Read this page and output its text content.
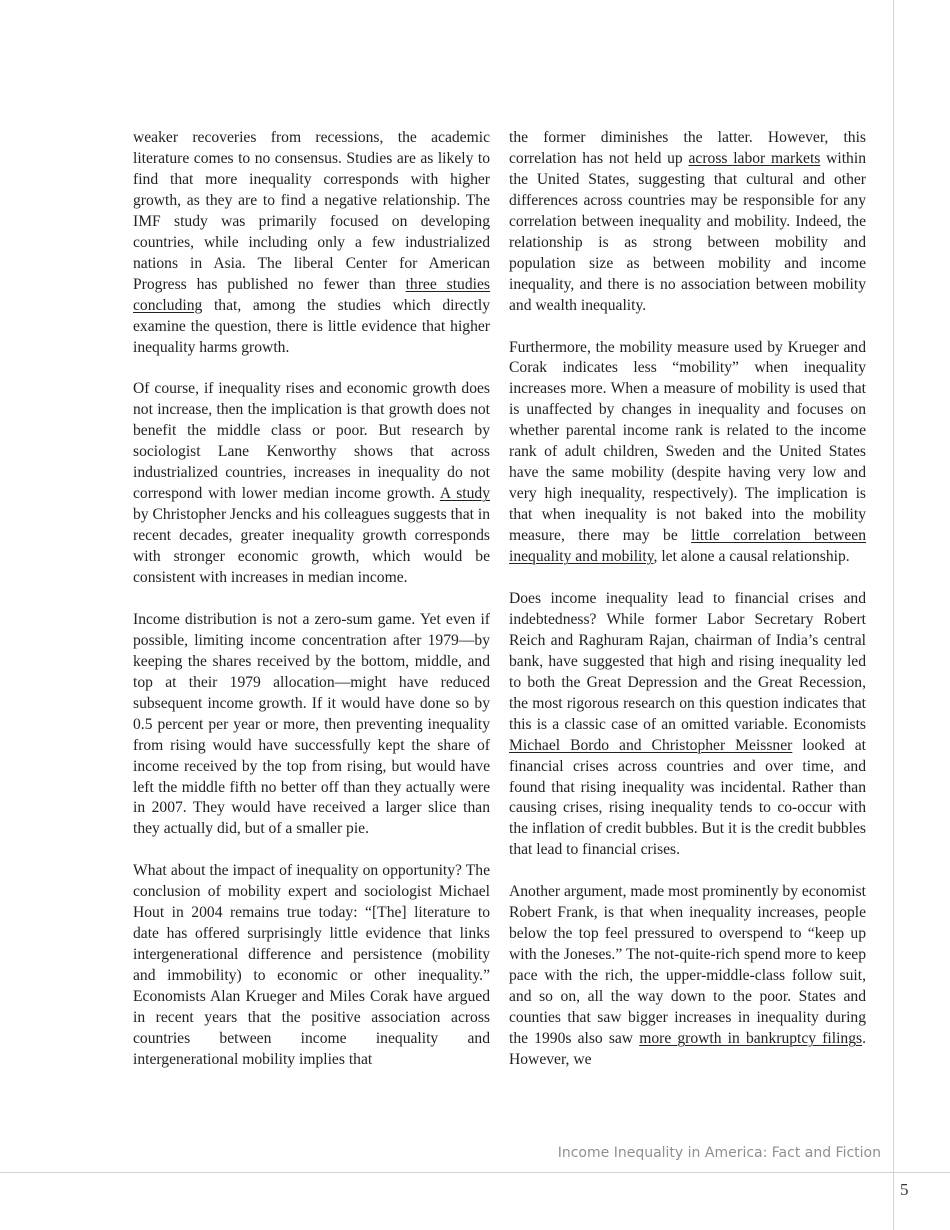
weaker recoveries from recessions, the academic literature comes to no consensus. Studies are as likely to find that more inequality corresponds with higher growth, as they are to find a negative relationship. The IMF study was primarily focused on developing countries, while including only a few industrialized nations in Asia. The liberal Center for American Progress has published no fewer than three studies concluding that, among the studies which directly examine the question, there is little evidence that higher inequality harms growth.

Of course, if inequality rises and economic growth does not increase, then the implication is that growth does not benefit the middle class or poor. But research by sociologist Lane Kenworthy shows that across industrialized countries, increases in inequality do not correspond with lower median income growth. A study by Christopher Jencks and his colleagues suggests that in recent decades, greater inequality growth corresponds with stronger economic growth, which would be consistent with increases in median income.

Income distribution is not a zero-sum game. Yet even if possible, limiting income concentration after 1979—by keeping the shares received by the bottom, middle, and top at their 1979 allocation—might have reduced subsequent income growth. If it would have done so by 0.5 percent per year or more, then preventing inequality from rising would have successfully kept the share of income received by the top from rising, but would have left the middle fifth no better off than they actually were in 2007. They would have received a larger slice than they actually did, but of a smaller pie.

What about the impact of inequality on opportunity? The conclusion of mobility expert and sociologist Michael Hout in 2004 remains true today: “[The] literature to date has offered surprisingly little evidence that links intergenerational difference and persistence (mobility and immobility) to economic or other inequality.” Economists Alan Krueger and Miles Corak have argued in recent years that the positive association across countries between income inequality and intergenerational mobility implies that

the former diminishes the latter. However, this correlation has not held up across labor markets within the United States, suggesting that cultural and other differences across countries may be responsible for any correlation between inequality and mobility. Indeed, the relationship is as strong between mobility and population size as between mobility and income inequality, and there is no association between mobility and wealth inequality.

Furthermore, the mobility measure used by Krueger and Corak indicates less “mobility” when inequality increases more. When a measure of mobility is used that is unaffected by changes in inequality and focuses on whether parental income rank is related to the income rank of adult children, Sweden and the United States have the same mobility (despite having very low and very high inequality, respectively). The implication is that when inequality is not baked into the mobility measure, there may be little correlation between inequality and mobility, let alone a causal relationship.

Does income inequality lead to financial crises and indebtedness? While former Labor Secretary Robert Reich and Raghuram Rajan, chairman of India’s central bank, have suggested that high and rising inequality led to both the Great Depression and the Great Recession, the most rigorous research on this question indicates that this is a classic case of an omitted variable. Economists Michael Bordo and Christopher Meissner looked at financial crises across countries and over time, and found that rising inequality was incidental. Rather than causing crises, rising inequality tends to co-occur with the inflation of credit bubbles. But it is the credit bubbles that lead to financial crises.

Another argument, made most prominently by economist Robert Frank, is that when inequality increases, people below the top feel pressured to overspend to “keep up with the Joneses.” The not-quite-rich spend more to keep pace with the rich, the upper-middle-class follow suit, and so on, all the way down to the poor. States and counties that saw bigger increases in inequality during the 1990s also saw more growth in bankruptcy filings. However, we

Income Inequality in America: Fact and Fiction
5
